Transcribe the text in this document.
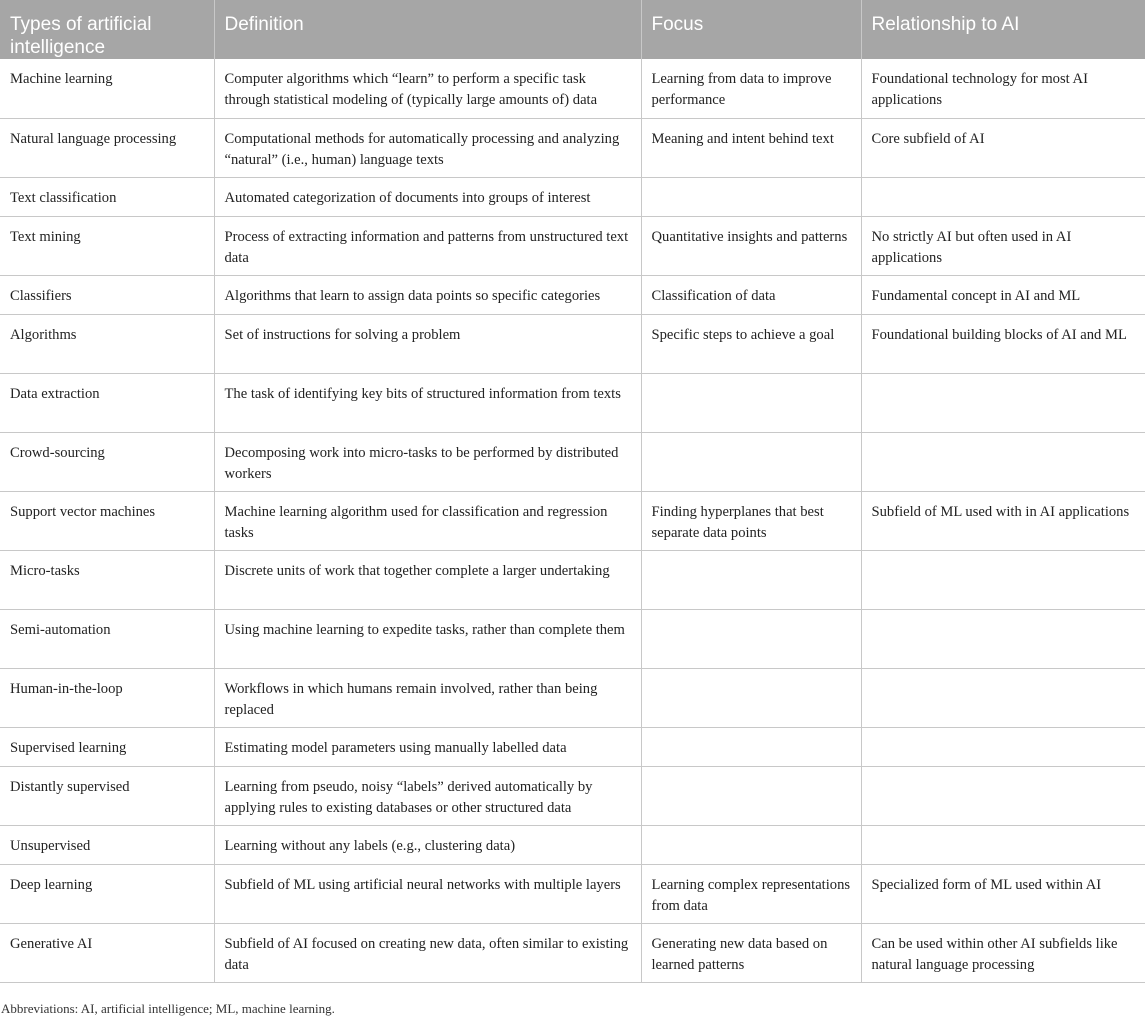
Types of artificial intelligence	Definition	Focus	Relationship to AI
Machine learning	Computer algorithms which “learn” to perform a specific task through statistical modeling of (typically large amounts of) data	Learning from data to improve performance	Foundational technology for most AI applications
Natural language processing	Computational methods for automatically processing and analyzing “natural” (i.e., human) language texts	Meaning and intent behind text	Core subfield of AI
Text classification	Automated categorization of documents into groups of interest		
Text mining	Process of extracting information and patterns from unstructured text data	Quantitative insights and patterns	No strictly AI but often used in AI applications
Classifiers	Algorithms that learn to assign data points so specific categories	Classification of data	Fundamental concept in AI and ML
Algorithms	Set of instructions for solving a problem	Specific steps to achieve a goal	Foundational building blocks of AI and ML
Data extraction	The task of identifying key bits of structured information from texts		
Crowd-sourcing	Decomposing work into micro-tasks to be performed by distributed workers		
Support vector machines	Machine learning algorithm used for classification and regression tasks	Finding hyperplanes that best separate data points	Subfield of ML used with in AI applications
Micro-tasks	Discrete units of work that together complete a larger undertaking		
Semi-automation	Using machine learning to expedite tasks, rather than complete them		
Human-in-the-loop	Workflows in which humans remain involved, rather than being replaced		
Supervised learning	Estimating model parameters using manually labelled data		
Distantly supervised	Learning from pseudo, noisy “labels” derived automatically by applying rules to existing databases or other structured data		
Unsupervised	Learning without any labels (e.g., clustering data)		
Deep learning	Subfield of ML using artificial neural networks with multiple layers	Learning complex representations from data	Specialized form of ML used within AI
Generative AI	Subfield of AI focused on creating new data, often similar to existing data	Generating new data based on learned patterns	Can be used within other AI subfields like natural language processing
Abbreviations: AI, artificial intelligence; ML, machine learning.
